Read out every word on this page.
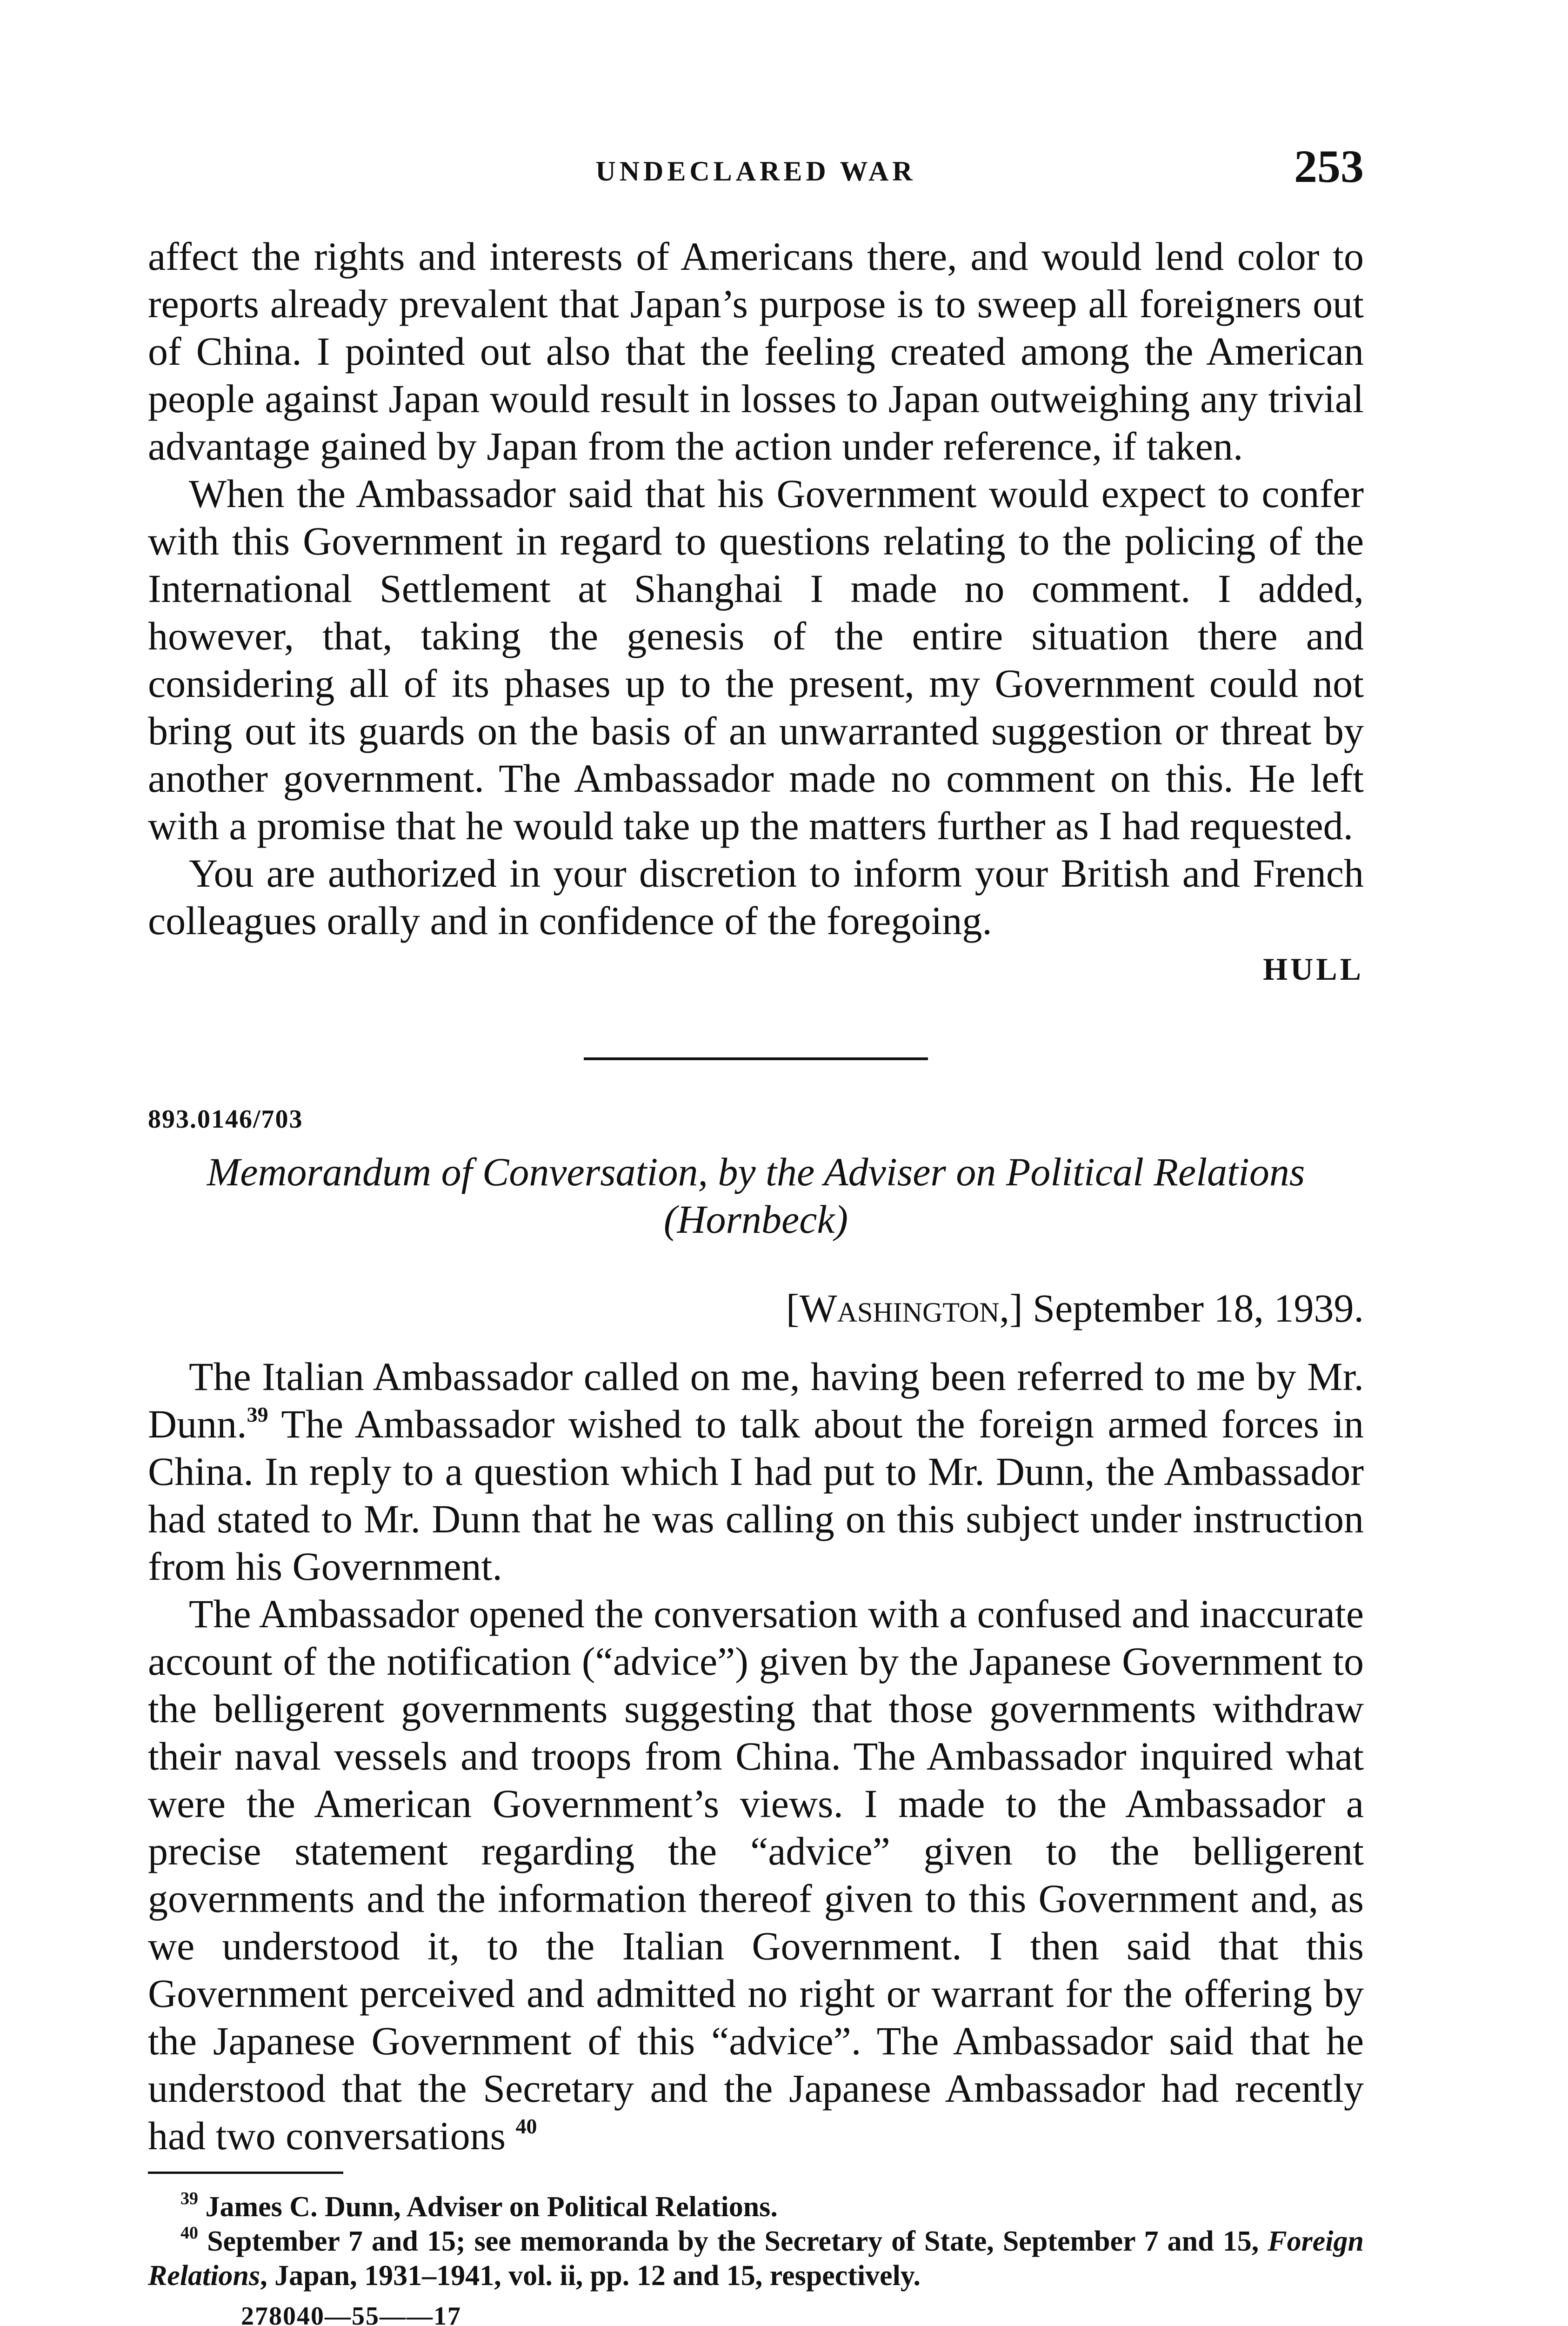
UNDECLARED WAR	253

affect the rights and interests of Americans there, and would lend color to reports already prevalent that Japan’s purpose is to sweep all foreigners out of China. I pointed out also that the feeling created among the American people against Japan would result in losses to Japan outweighing any trivial advantage gained by Japan from the action under reference, if taken.

When the Ambassador said that his Government would expect to confer with this Government in regard to questions relating to the policing of the International Settlement at Shanghai I made no comment. I added, however, that, taking the genesis of the entire situation there and considering all of its phases up to the present, my Government could not bring out its guards on the basis of an unwarranted suggestion or threat by another government. The Ambassador made no comment on this. He left with a promise that he would take up the matters further as I had requested.

You are authorized in your discretion to inform your British and French colleagues orally and in confidence of the foregoing.

HULL
893.0146/703
Memorandum of Conversation, by the Adviser on Political Relations
(Hornbeck)
[Washington,] September 18, 1939.

The Italian Ambassador called on me, having been referred to me by Mr. Dunn.$^{39}$ The Ambassador wished to talk about the foreign armed forces in China. In reply to a question which I had put to Mr. Dunn, the Ambassador had stated to Mr. Dunn that he was calling on this subject under instruction from his Government.

The Ambassador opened the conversation with a confused and inaccurate account of the notification (“advice”) given by the Japanese Government to the belligerent governments suggesting that those governments withdraw their naval vessels and troops from China. The Ambassador inquired what were the American Government’s views. I made to the Ambassador a precise statement regarding the “advice” given to the belligerent governments and the information thereof given to this Government and, as we understood it, to the Italian Government. I then said that this Government perceived and admitted no right or warrant for the offering by the Japanese Government of this “advice”. The Ambassador said that he understood that the Secretary and the Japanese Ambassador had recently had two conversations $^{40}$

$^{39}$ James C. Dunn, Adviser on Political Relations.

$^{40}$ September 7 and 15; see memoranda by the Secretary of State, September 7 and 15, Foreign Relations, Japan, 1931–1941, vol. ii, pp. 12 and 15, respectively.

278040—55——17
